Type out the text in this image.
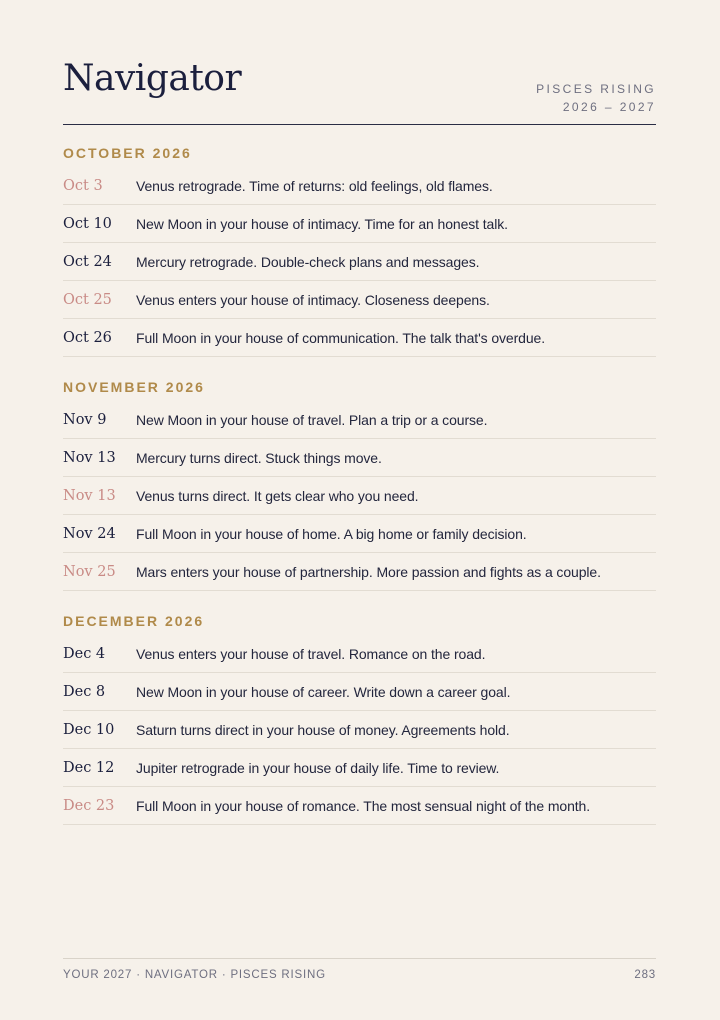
Navigator	PISCES RISING
2026 – 2027
OCTOBER 2026
Oct 3	Venus retrograde. Time of returns: old feelings, old flames.
Oct 10	New Moon in your house of intimacy. Time for an honest talk.
Oct 24	Mercury retrograde. Double-check plans and messages.
Oct 25	Venus enters your house of intimacy. Closeness deepens.
Oct 26	Full Moon in your house of communication. The talk that's overdue.
NOVEMBER 2026
Nov 9	New Moon in your house of travel. Plan a trip or a course.
Nov 13	Mercury turns direct. Stuck things move.
Nov 13	Venus turns direct. It gets clear who you need.
Nov 24	Full Moon in your house of home. A big home or family decision.
Nov 25	Mars enters your house of partnership. More passion and fights as a couple.
DECEMBER 2026
Dec 4	Venus enters your house of travel. Romance on the road.
Dec 8	New Moon in your house of career. Write down a career goal.
Dec 10	Saturn turns direct in your house of money. Agreements hold.
Dec 12	Jupiter retrograde in your house of daily life. Time to review.
Dec 23	Full Moon in your house of romance. The most sensual night of the month.
YOUR 2027 · NAVIGATOR · PISCES RISING	283
